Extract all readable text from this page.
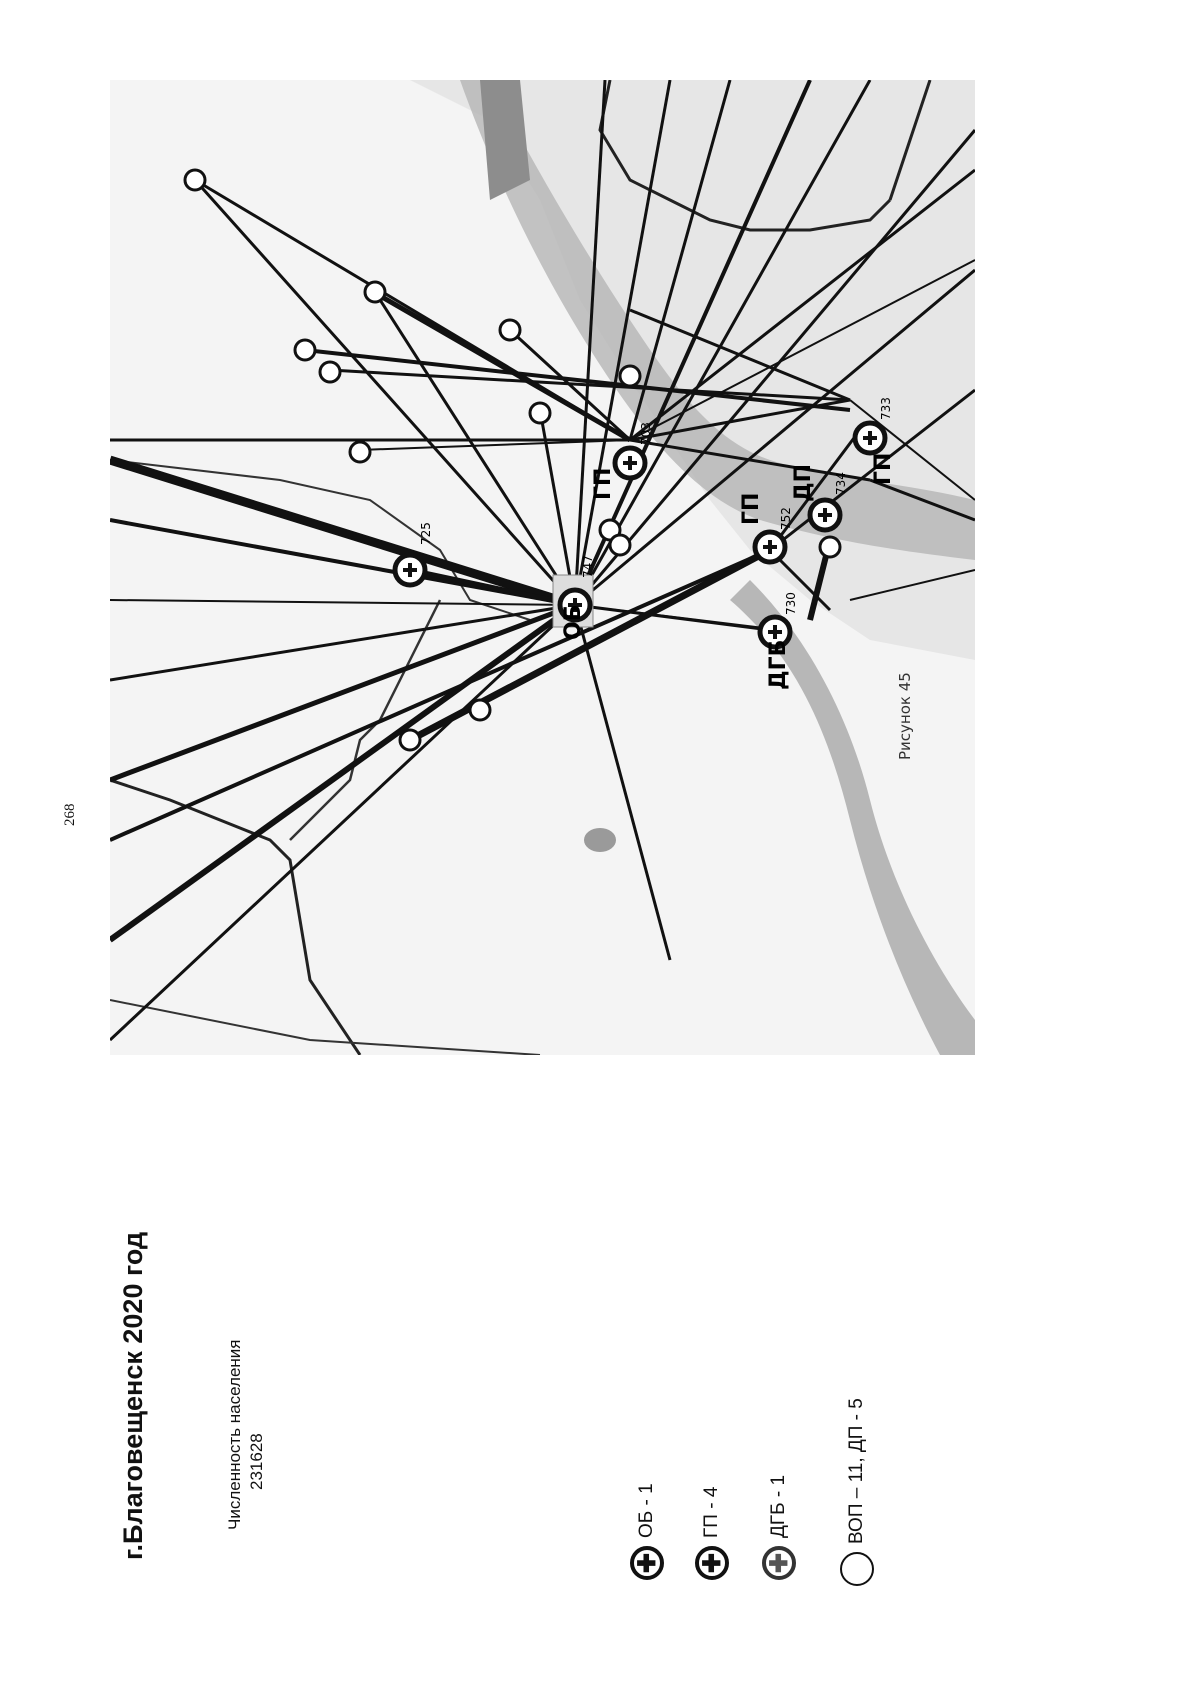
268
ОБ
ДГБ
ГП
ГП
ДП	ГП
725
747
703
752
730
734
733
Рисунок 45
г.Благовещенск 2020 год	Численность населения 231628
✚
ОБ - 1
✚
ГП - 4
✚
ДГБ - 1	ВОП – 11, ДП - 5
